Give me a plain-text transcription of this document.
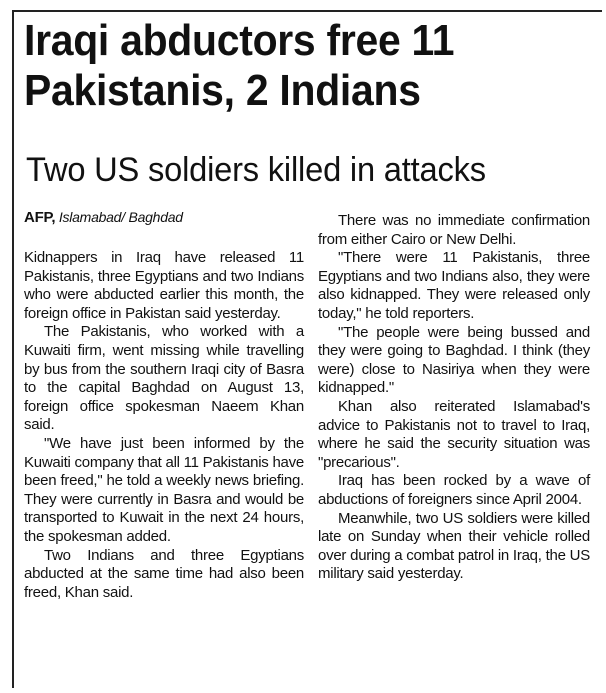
Iraqi abductors free 11
Pakistanis, 2 Indians
Two US soldiers killed in attacks
AFP, Islamabad/ Baghdad

Kidnappers in Iraq have released 11 Pakistanis, three Egyptians and two Indians who were abducted earlier this month, the foreign office in Pakistan said yesterday.

The Pakistanis, who worked with a Kuwaiti firm, went missing while travelling by bus from the southern Iraqi city of Basra to the capital Baghdad on August 13, foreign office spokesman Naeem Khan said.

"We have just been informed by the Kuwaiti company that all 11 Pakistanis have been freed," he told a weekly news briefing. They were currently in Basra and would be transported to Kuwait in the next 24 hours, the spokesman added.

Two Indians and three Egyptians abducted at the same time had also been freed, Khan said.

There was no immediate confirmation from either Cairo or New Delhi.

"There were 11 Pakistanis, three Egyptians and two Indians also, they were also kidnapped. They were released only today," he told reporters.

"The people were being bussed and they were going to Baghdad. I think (they were) close to Nasiriya when they were kidnapped."

Khan also reiterated Islamabad's advice to Pakistanis not to travel to Iraq, where he said the security situation was "precarious".

Iraq has been rocked by a wave of abductions of foreigners since April 2004.

Meanwhile, two US soldiers were killed late on Sunday when their vehicle rolled over during a combat patrol in Iraq, the US military said yesterday.
